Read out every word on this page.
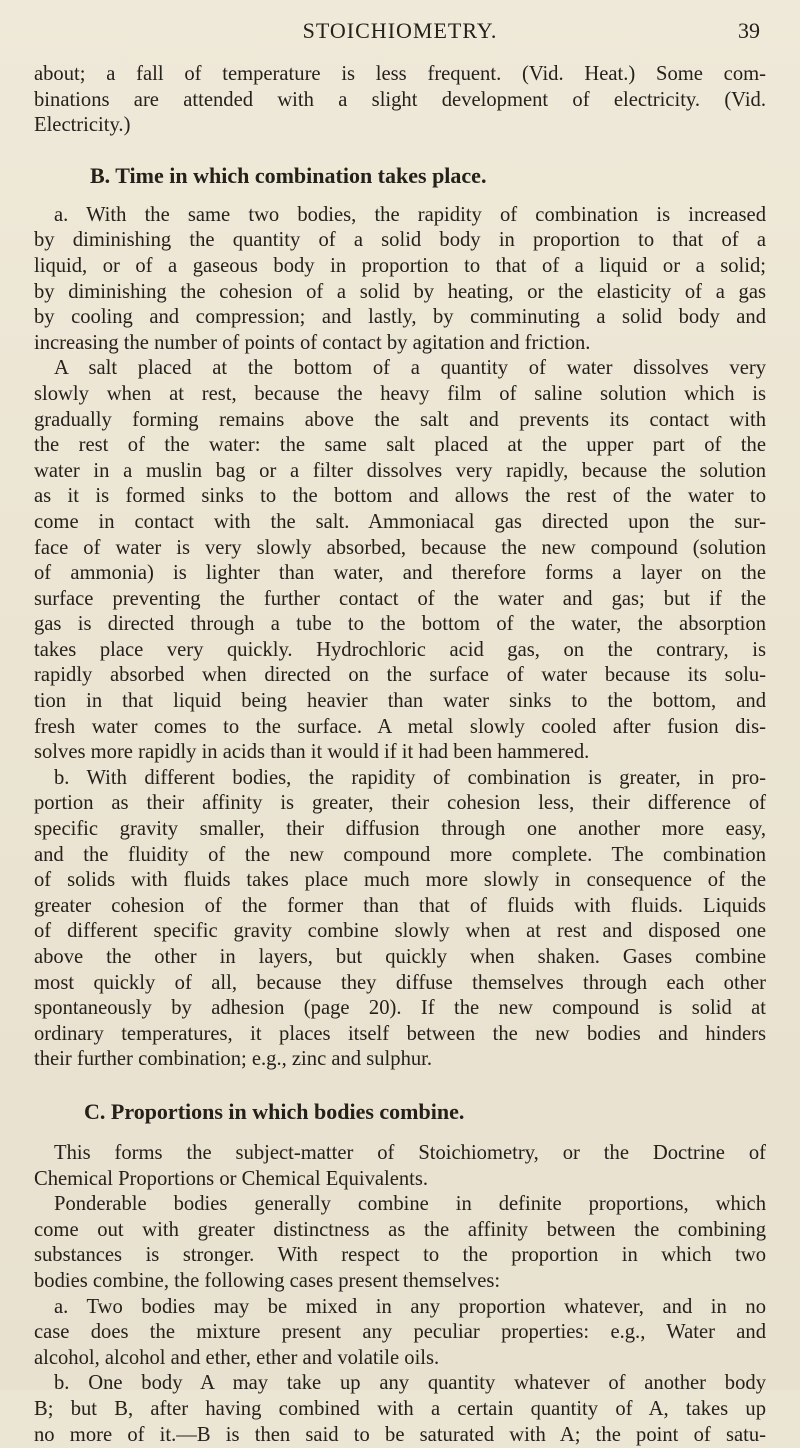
STOICHIOMETRY.	39
about; a fall of temperature is less frequent. (Vid. Heat.) Some com-
binations are attended with a slight development of electricity. (Vid.
Electricity.)
B. Time in which combination takes place.
a. With the same two bodies, the rapidity of combination is increased
by diminishing the quantity of a solid body in proportion to that of a
liquid, or of a gaseous body in proportion to that of a liquid or a solid;
by diminishing the cohesion of a solid by heating, or the elasticity of a gas
by cooling and compression; and lastly, by comminuting a solid body and
increasing the number of points of contact by agitation and friction.
A salt placed at the bottom of a quantity of water dissolves very
slowly when at rest, because the heavy film of saline solution which is
gradually forming remains above the salt and prevents its contact with
the rest of the water: the same salt placed at the upper part of the
water in a muslin bag or a filter dissolves very rapidly, because the solution
as it is formed sinks to the bottom and allows the rest of the water to
come in contact with the salt. Ammoniacal gas directed upon the sur-
face of water is very slowly absorbed, because the new compound (solution
of ammonia) is lighter than water, and therefore forms a layer on the
surface preventing the further contact of the water and gas; but if the
gas is directed through a tube to the bottom of the water, the absorption
takes place very quickly. Hydrochloric acid gas, on the contrary, is
rapidly absorbed when directed on the surface of water because its solu-
tion in that liquid being heavier than water sinks to the bottom, and
fresh water comes to the surface. A metal slowly cooled after fusion dis-
solves more rapidly in acids than it would if it had been hammered.
b. With different bodies, the rapidity of combination is greater, in pro-
portion as their affinity is greater, their cohesion less, their difference of
specific gravity smaller, their diffusion through one another more easy,
and the fluidity of the new compound more complete. The combination
of solids with fluids takes place much more slowly in consequence of the
greater cohesion of the former than that of fluids with fluids. Liquids
of different specific gravity combine slowly when at rest and disposed one
above the other in layers, but quickly when shaken. Gases combine
most quickly of all, because they diffuse themselves through each other
spontaneously by adhesion (page 20). If the new compound is solid at
ordinary temperatures, it places itself between the new bodies and hinders
their further combination; e.g., zinc and sulphur.
C. Proportions in which bodies combine.
This forms the subject-matter of Stoichiometry, or the Doctrine of
Chemical Proportions or Chemical Equivalents.
Ponderable bodies generally combine in definite proportions, which
come out with greater distinctness as the affinity between the combining
substances is stronger. With respect to the proportion in which two
bodies combine, the following cases present themselves:
a. Two bodies may be mixed in any proportion whatever, and in no
case does the mixture present any peculiar properties: e.g., Water and
alcohol, alcohol and ether, ether and volatile oils.
b. One body A may take up any quantity whatever of another body
B; but B, after having combined with a certain quantity of A, takes up
no more of it.—B is then said to be saturated with A; the point of satu-
